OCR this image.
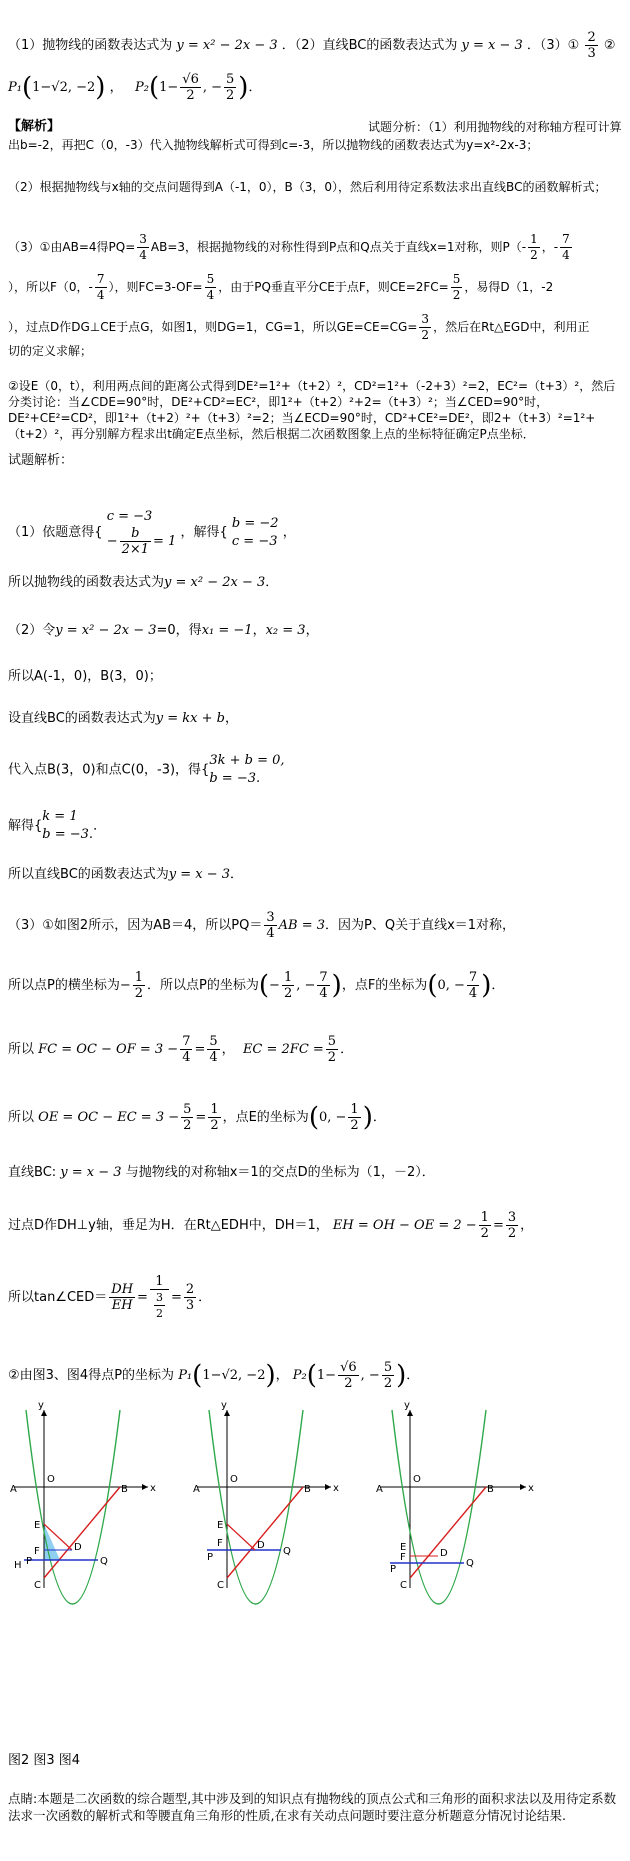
（1）抛物线的函数表达式为 y = x² − 2x − 3 ．（2）直线BC的函数表达式为 y = x − 3 ．（3）① $\frac{2}{3}$ ②
P₁(1−√2, −2) ，   $P_2(1- \frac{√6}{2}$ , − $\frac{5}{2}$ )．
【解析】	试题分析：（1）利用抛物线的对称轴方程可计算出b=-2，再把C（0，-3）代入抛物线解析式可得到c=-3，所以抛物线的函数表达式为y=x²-2x-3；
（2）根据抛物线与x轴的交点问题得到A（-1，0），B（3，0），然后利用待定系数法求出直线BC的函数解析式；
（3）①由AB=4得$PQ= \frac{3}{4} AB=3$，根据抛物线的对称性得到P点和Q点关于直线x=1对称，则$P(- \frac{1}{2}$ ，- $\frac{7}{4}$
），所以F（0，- $\frac{7}{4}$ ），则$FC=3-OF= \frac{5}{4}$ ，由于PQ垂直平分CE于点F，则$CE=2FC= \frac{5}{2}$ ，易得D（1，-2
），过点D作DG⊥CE于点G，如图1，则DG=1，CG=1，所以$GE=CE=CG= \frac{3}{2}$ ，然后在Rt△EGD中，利用正
切的定义求解；
②设E（0，t），利用两点间的距离公式得到DE²=1²+（t+2）²，CD²=1²+（-2+3）²=2，EC²=（t+3）²，然后分类讨论：当∠CDE=90°时，DE²+CD²=EC²，即1²+（t+2）²+2=（t+3）²；当∠CED=90°时，DE²+CE²=CD²，即1²+（t+2）²+（t+3）²=2；当∠ECD=90°时，CD²+CE²=DE²，即2+（t+3）²=1²+（t+2）²，再分别解方程求出t确定E点坐标，然后根据二次函数图象上点的坐标特征确定P点坐标．
试题解析：
（1）依题意得{
c = −3
− $\frac{b}{2\times 1} = 1$
，解得{
b = −2
c = −3
，
所以抛物线的函数表达式为y = x² − 2x − 3．
（2）令y = x² − 2x − 3=0，得x₁ = −1，x₂ = 3，
所以A(-1，0)，B(3，0)；
设直线BC的函数表达式为y = kx + b，
代入点B(3，0)和点C(0，-3)，得{
3k + b = 0,
b = −3.
解得{
k = 1
b = −3.
．
所以直线BC的函数表达式为y = x − 3．
（3）①如图2所示，因为AB＝4，所以$PQ= \frac{3}{4}$ AB = 3．因为P、Q关于直线x＝1对称，
所以点P的横坐标为− $\frac{1}{2}$ ．所以点P的坐标为(− $\frac{1}{2}$ , − $\frac{7}{4}$ )，点F的坐标为(0, − $\frac{7}{4}$ )．
所以 FC = OC − OF = $3 - \frac{7}{4} = \frac{5}{4}$ ， EC = $2FC = \frac{5}{2}$ ．
所以 OE = OC − EC = $3 - \frac{5}{2} = \frac{1}{2}$ ，点E的坐标为(0, − $\frac{1}{2}$ )．
直线BC: y = x − 3 与抛物线的对称轴x＝1的交点D的坐标为（1，－2）．
过点D作DH⊥y轴，垂足为H．在Rt△EDH中，DH＝1， EH = OH − OE = $2 - \frac{1}{2} = \frac{3}{2}$ ，
所以tan∠CED＝ $\frac{DH}{EH} = \frac{1}{\frac{3}{2}} = \frac{2}{3}$ ．
②由图3、图4得点P的坐标为 P₁(1−√2, −2)， $P_2(1- \frac{√6}{2}$ , − $\frac{5}{2}$ )．
A	B x
y
O
C
D
E
F
P	Q
H
A	B x
y
O
C
D
E
F
P
Q
A	B	x
y
O
C
D
E
F
P
Q
图2 图3 图4
点睛:本题是二次函数的综合题型,其中涉及到的知识点有抛物线的顶点公式和三角形的面积求法以及用待定系数法求一次函数的解析式和等腰直角三角形的性质,在求有关动点问题时要注意分析题意分情况讨论结果.
